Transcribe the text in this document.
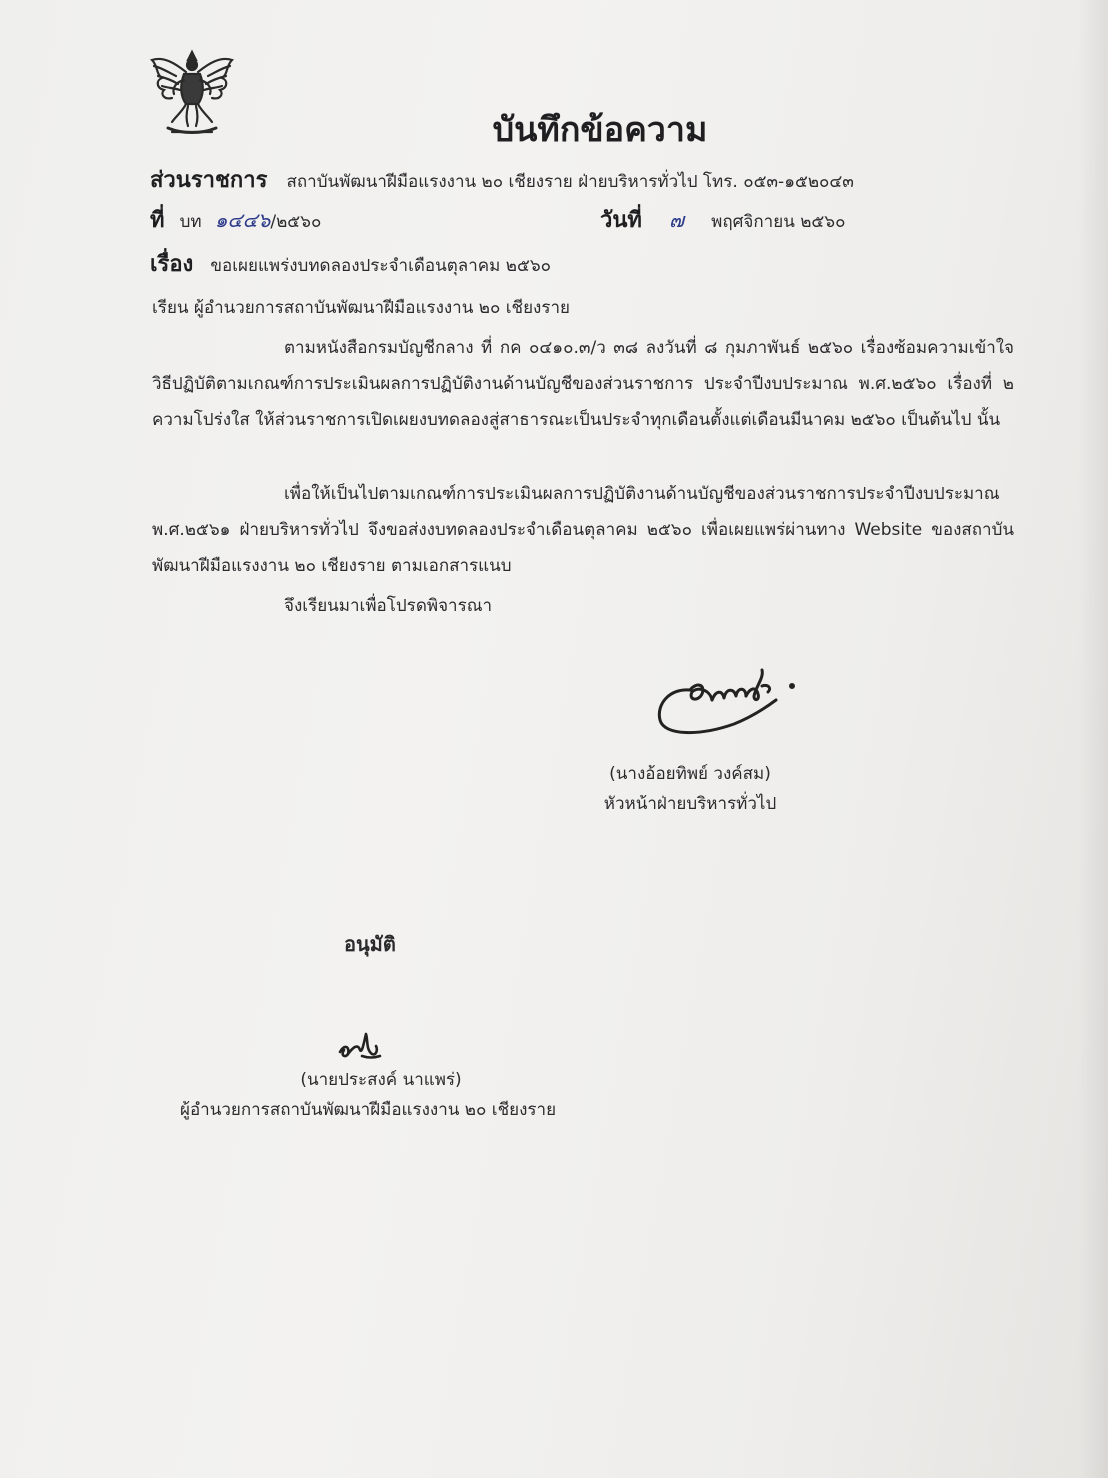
บันทึกข้อความ
ส่วนราชการ สถาบันพัฒนาฝีมือแรงงาน ๒๐ เชียงราย ฝ่ายบริหารทั่วไป โทร. ๐๕๓-๑๕๒๐๔๓
ที่ บท ๑๔๔๖/๒๕๖๐	วันที่ ๗ พฤศจิกายน ๒๕๖๐
เรื่อง ขอเผยแพร่งบทดลองประจำเดือนตุลาคม ๒๕๖๐
เรียน ผู้อำนวยการสถาบันพัฒนาฝีมือแรงงาน ๒๐ เชียงราย
ตามหนังสือกรมบัญชีกลาง ที่ กค ๐๔๑๐.๓/ว ๓๘ ลงวันที่ ๘ กุมภาพันธ์ ๒๕๖๐ เรื่องซ้อมความเข้าใจวิธีปฏิบัติตามเกณฑ์การประเมินผลการปฏิบัติงานด้านบัญชีของส่วนราชการ ประจำปีงบประมาณ พ.ศ.๒๕๖๐ เรื่องที่ ๒ ความโปร่งใส ให้ส่วนราชการเปิดเผยงบทดลองสู่สาธารณะเป็นประจำทุกเดือนตั้งแต่เดือนมีนาคม ๒๕๖๐ เป็นต้นไป นั้น
เพื่อให้เป็นไปตามเกณฑ์การประเมินผลการปฏิบัติงานด้านบัญชีของส่วนราชการประจำปีงบประมาณ พ.ศ.๒๕๖๑ ฝ่ายบริหารทั่วไป จึงขอส่งงบทดลองประจำเดือนตุลาคม ๒๕๖๐ เพื่อเผยแพร่ผ่านทาง Website ของสถาบันพัฒนาฝีมือแรงงาน ๒๐ เชียงราย ตามเอกสารแนบ
จึงเรียนมาเพื่อโปรดพิจารณา
(นางอ้อยทิพย์ วงค์สม)
หัวหน้าฝ่ายบริหารทั่วไป
อนุมัติ
(นายประสงค์ นาแพร่)
ผู้อำนวยการสถาบันพัฒนาฝีมือแรงงาน ๒๐ เชียงราย
